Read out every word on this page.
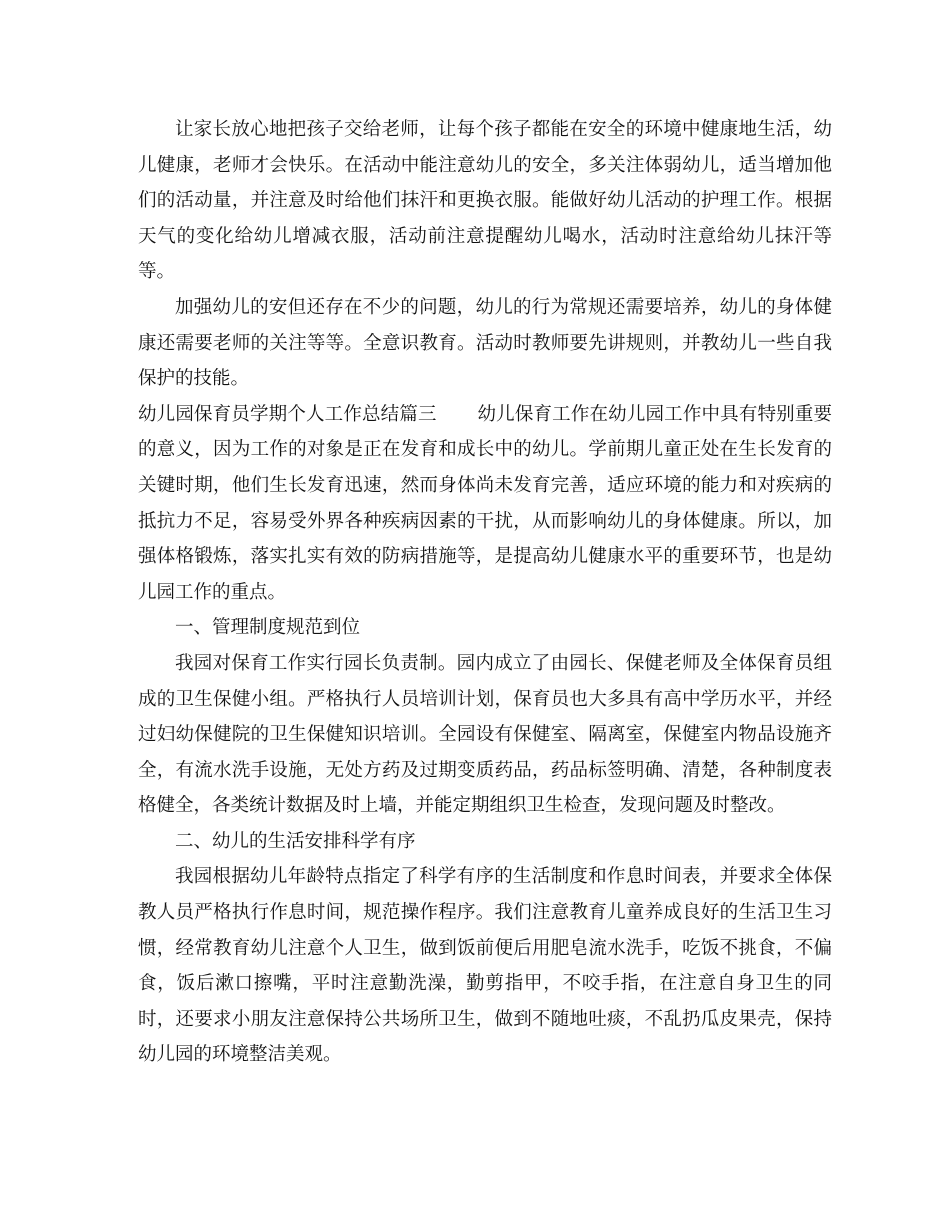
让家长放心地把孩子交给老师，让每个孩子都能在安全的环境中健康地生活，幼儿健康，老师才会快乐。在活动中能注意幼儿的安全，多关注体弱幼儿，适当增加他们的活动量，并注意及时给他们抹汗和更换衣服。能做好幼儿活动的护理工作。根据天气的变化给幼儿增减衣服，活动前注意提醒幼儿喝水，活动时注意给幼儿抹汗等等。

加强幼儿的安但还存在不少的问题，幼儿的行为常规还需要培养，幼儿的身体健康还需要老师的关注等等。全意识教育。活动时教师要先讲规则，并教幼儿一些自我保护的技能。

幼儿园保育员学期个人工作总结篇三 幼儿保育工作在幼儿园工作中具有特别重要的意义，因为工作的对象是正在发育和成长中的幼儿。学前期儿童正处在生长发育的关键时期，他们生长发育迅速，然而身体尚未发育完善，适应环境的能力和对疾病的抵抗力不足，容易受外界各种疾病因素的干扰，从而影响幼儿的身体健康。所以，加强体格锻炼，落实扎实有效的防病措施等，是提高幼儿健康水平的重要环节，也是幼儿园工作的重点。

一、管理制度规范到位

我园对保育工作实行园长负责制。园内成立了由园长、保健老师及全体保育员组成的卫生保健小组。严格执行人员培训计划，保育员也大多具有高中学历水平，并经过妇幼保健院的卫生保健知识培训。全园设有保健室、隔离室，保健室内物品设施齐全，有流水洗手设施，无处方药及过期变质药品，药品标签明确、清楚，各种制度表格健全，各类统计数据及时上墙，并能定期组织卫生检查，发现问题及时整改。

二、幼儿的生活安排科学有序

我园根据幼儿年龄特点指定了科学有序的生活制度和作息时间表，并要求全体保教人员严格执行作息时间，规范操作程序。我们注意教育儿童养成良好的生活卫生习惯，经常教育幼儿注意个人卫生，做到饭前便后用肥皂流水洗手，吃饭不挑食，不偏食，饭后漱口擦嘴，平时注意勤洗澡，勤剪指甲，不咬手指，在注意自身卫生的同时，还要求小朋友注意保持公共场所卫生，做到不随地吐痰，不乱扔瓜皮果壳，保持幼儿园的环境整洁美观。
